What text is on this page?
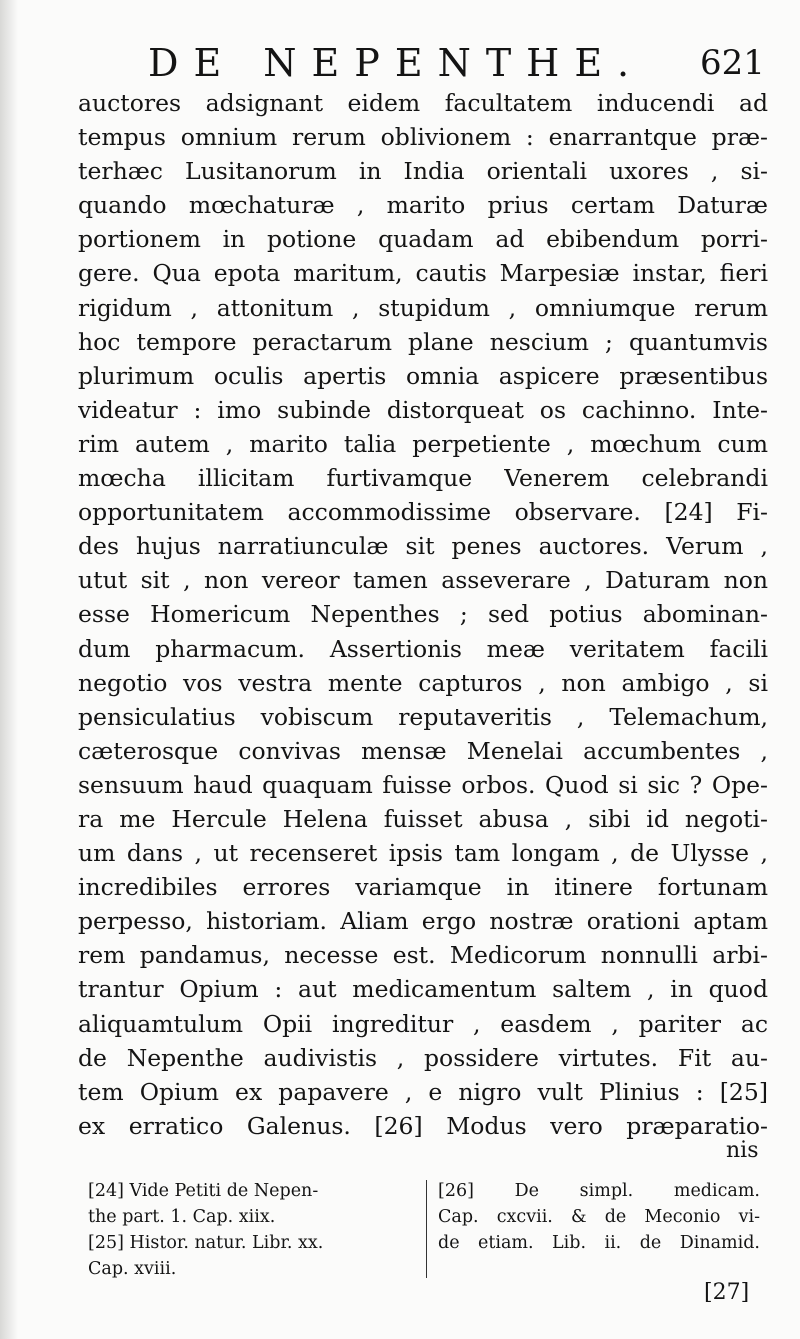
DE NEPENTHE. 621
auctores adsignant eidem facultatem inducendi ad
tempus omnium rerum oblivionem : enarrantque præ-
terhæc Lusitanorum in India orientali uxores , si-
quando mœchaturæ , marito prius certam Daturæ
portionem in potione quadam ad ebibendum porri-
gere. Qua epota maritum, cautis Marpesiæ instar, fieri
rigidum , attonitum , stupidum , omniumque rerum
hoc tempore peractarum plane nescium ; quantumvis
plurimum oculis apertis omnia aspicere præsentibus
videatur : imo subinde distorqueat os cachinno. Inte-
rim autem , marito talia perpetiente , mœchum cum
mœcha illicitam furtivamque Venerem celebrandi
opportunitatem accommodissime observare. [24] Fi-
des hujus narratiunculæ sit penes auctores. Verum ,
utut sit , non vereor tamen asseverare , Daturam non
esse Homericum Nepenthes ; sed potius abominan-
dum pharmacum. Assertionis meæ veritatem facili
negotio vos vestra mente capturos , non ambigo , si
pensiculatius vobiscum reputaveritis , Telemachum,
cæterosque convivas mensæ Menelai accumbentes ,
sensuum haud quaquam fuisse orbos. Quod si sic ? Ope-
ra me Hercule Helena fuisset abusa , sibi id negoti-
um dans , ut recenseret ipsis tam longam , de Ulysse ,
incredibiles errores variamque in itinere fortunam
perpesso, historiam. Aliam ergo nostræ orationi aptam
rem pandamus, necesse est. Medicorum nonnulli arbi-
trantur Opium : aut medicamentum saltem , in quod
aliquamtulum Opii ingreditur , easdem , pariter ac
de Nepenthe audivistis , possidere virtutes. Fit au-
tem Opium ex papavere , e nigro vult Plinius : [25]
ex erratico Galenus. [26] Modus vero præparatio-
nis
[24] Vide Petiti de Nepen-
the part. 1. Cap. xiix.
[25] Histor. natur. Libr. xx.
Cap. xviii.
[26] De simpl. medicam.
Cap. cxcvii. & de Meconio vi-
de etiam. Lib. ii. de Dinamid.
[27]
